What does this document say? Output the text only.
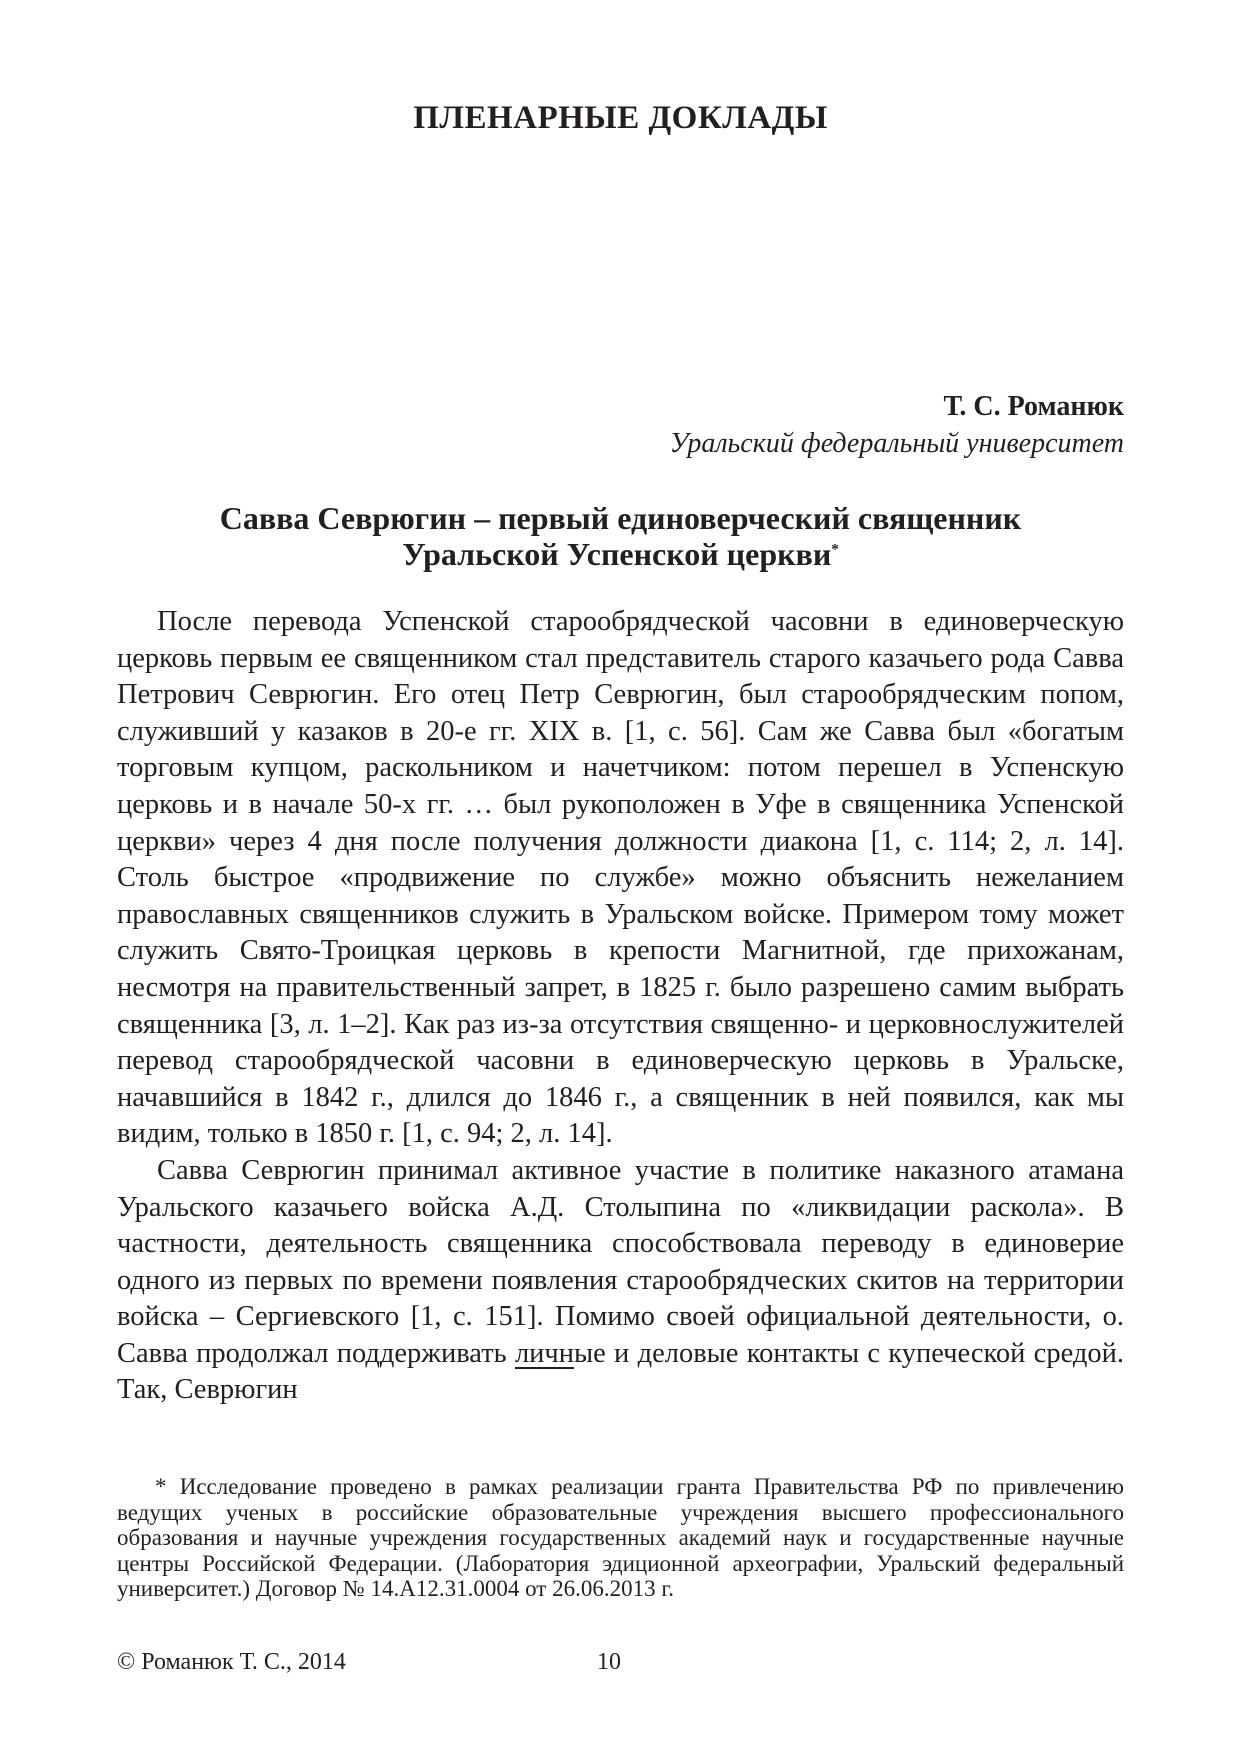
ПЛЕНАРНЫЕ ДОКЛАДЫ
Т. С. Романюк
Уральский федеральный университет
Савва Севрюгин – первый единоверческий священник
Уральской Успенской церкви*

После перевода Успенской старообрядческой часовни в единоверческую церковь первым ее священником стал представитель старого казачьего рода Савва Петрович Севрюгин. Его отец Петр Севрюгин, был старообрядческим попом, служивший у казаков в 20-е гг. XIX в. [1, с. 56]. Сам же Савва был «богатым торговым купцом, раскольником и начетчиком: потом перешел в Успенскую церковь и в начале 50-х гг. … был рукоположен в Уфе в священника Успенской церкви» через 4 дня после получения должности диакона [1, с. 114; 2, л. 14]. Столь быстрое «продвижение по службе» можно объяснить нежеланием православных священников служить в Уральском войске. Примером тому может служить Свято-Троицкая церковь в крепости Магнитной, где прихожанам, несмотря на правительственный запрет, в 1825 г. было разрешено самим выбрать священника [3, л. 1–2]. Как раз из-за отсутствия священно- и церковнослужителей перевод старообрядческой часовни в единоверческую церковь в Уральске, начавшийся в 1842 г., длился до 1846 г., а священник в ней появился, как мы видим, только в 1850 г. [1, с. 94; 2, л. 14].

Савва Севрюгин принимал активное участие в политике наказного атамана Уральского казачьего войска А.Д. Столыпина по «ликвидации раскола». В частности, деятельность священника способствовала переводу в единоверие одного из первых по времени появления старообрядческих скитов на территории войска – Сергиевского [1, с. 151]. Помимо своей официальной деятельности, о. Савва продолжал поддерживать личные и деловые контакты с купеческой средой. Так, Севрюгин

* Исследование проведено в рамках реализации гранта Правительства РФ по привлечению ведущих ученых в российские образовательные учреждения высшего профессионального образования и научные учреждения государственных академий наук и государственные научные центры Российской Федерации. (Лаборатория эдиционной археографии, Уральский федеральный университет.) Договор № 14.A12.31.0004 от 26.06.2013 г.

© Романюк Т. С., 2014	10
